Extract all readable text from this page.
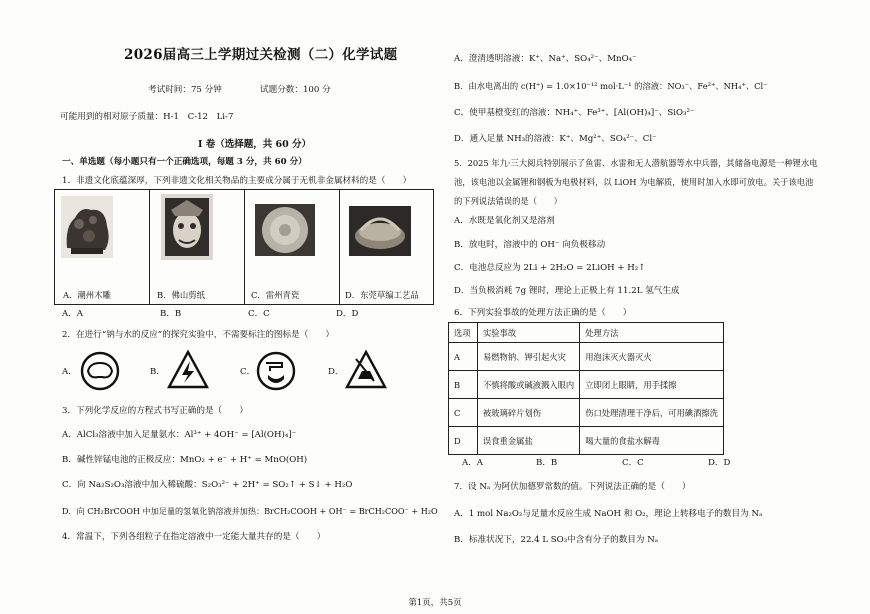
2026届高三上学期过关检测（二）化学试题
考试时间：75 分钟	试题分数：100 分
可能用到的相对原子质量：H-1　C-12　Li-7
I 卷（选择题，共 60 分）
一、单选题（每小题只有一个正确选项，每题 3 分，共 60 分）
1．非遗文化底蕴深厚，下列非遗文化相关物品的主要成分属于无机非金属材料的是（　　）
A．潮州木雕	B．佛山剪纸	C．雷州青瓷	D．东莞草编工艺品
A．A	B．B	C．C	D．D
2．在进行“钠与水的反应”的探究实验中，不需要标注的图标是（　　）
A．	B．	C．	D．
3．下列化学反应的方程式书写正确的是（　　）
A．AlCl₃溶液中加入足量氨水：Al³⁺ + 4OH⁻ = [Al(OH)₄]⁻
B．碱性锌锰电池的正极反应：MnO₂ + e⁻ + H⁺ = MnO(OH)
C．向 Na₂S₂O₃溶液中加入稀硫酸：S₂O₃²⁻ + 2H⁺ = SO₂↑ + S↓ + H₂O
D．向 CH₂BrCOOH 中加足量的氢氧化钠溶液并加热：BrCH₂COOH + OH⁻ = BrCH₂COO⁻ + H₂O
4．常温下，下列各组粒子在指定溶液中一定能大量共存的是（　　）
A．澄清透明溶液：K⁺、Na⁺、SO₄²⁻、MnO₄⁻
B．由水电离出的 c(H⁺) = 1.0×10⁻¹² mol·L⁻¹ 的溶液：NO₃⁻、Fe²⁺、NH₄⁺、Cl⁻
C．使甲基橙变红的溶液：NH₄⁺、Fe³⁺、[Al(OH)₄]⁻、SiO₃²⁻
D．通入足量 NH₃的溶液：K⁺、Mg²⁺、SO₄²⁻、Cl⁻
5．2025 年九·三大阅兵特别展示了鱼雷、水雷和无人潜航器等水中兵器，其储备电源是一种锂水电
池，该电池以金属锂和钢板为电极材料，以 LiOH 为电解质，使用时加入水即可放电。关于该电池
的下列说法错误的是（　　）
A．水既是氧化剂又是溶剂
B．放电时，溶液中的 OH⁻ 向负极移动
C．电池总反应为 2Li + 2H₂O = 2LiOH + H₂↑
D．当负极消耗 7g 锂时，理论上正极上有 11.2L 氢气生成
6．下列实验事故的处理方法正确的是（　　）
选项	实验事故	处理方法
A	易燃物钠、钾引起火灾	用泡沫灭火器灭火
B	不慎将酸或碱液溅入眼内	立即闭上眼睛，用手揉擦
C	被玻璃碎片划伤	伤口处理清理干净后，可用碘酒擦洗
D	误食重金属盐	喝大量的食盐水解毒
A．A	B．B	C．C	D．D
7．设 Nₐ 为阿伏加德罗常数的值。下列说法正确的是（　　）
A．1 mol Na₂O₂与足量水反应生成 NaOH 和 O₂，理论上转移电子的数目为 Nₐ
B．标准状况下，22.4 L SO₃中含有分子的数目为 Nₐ
第1页，共5页
